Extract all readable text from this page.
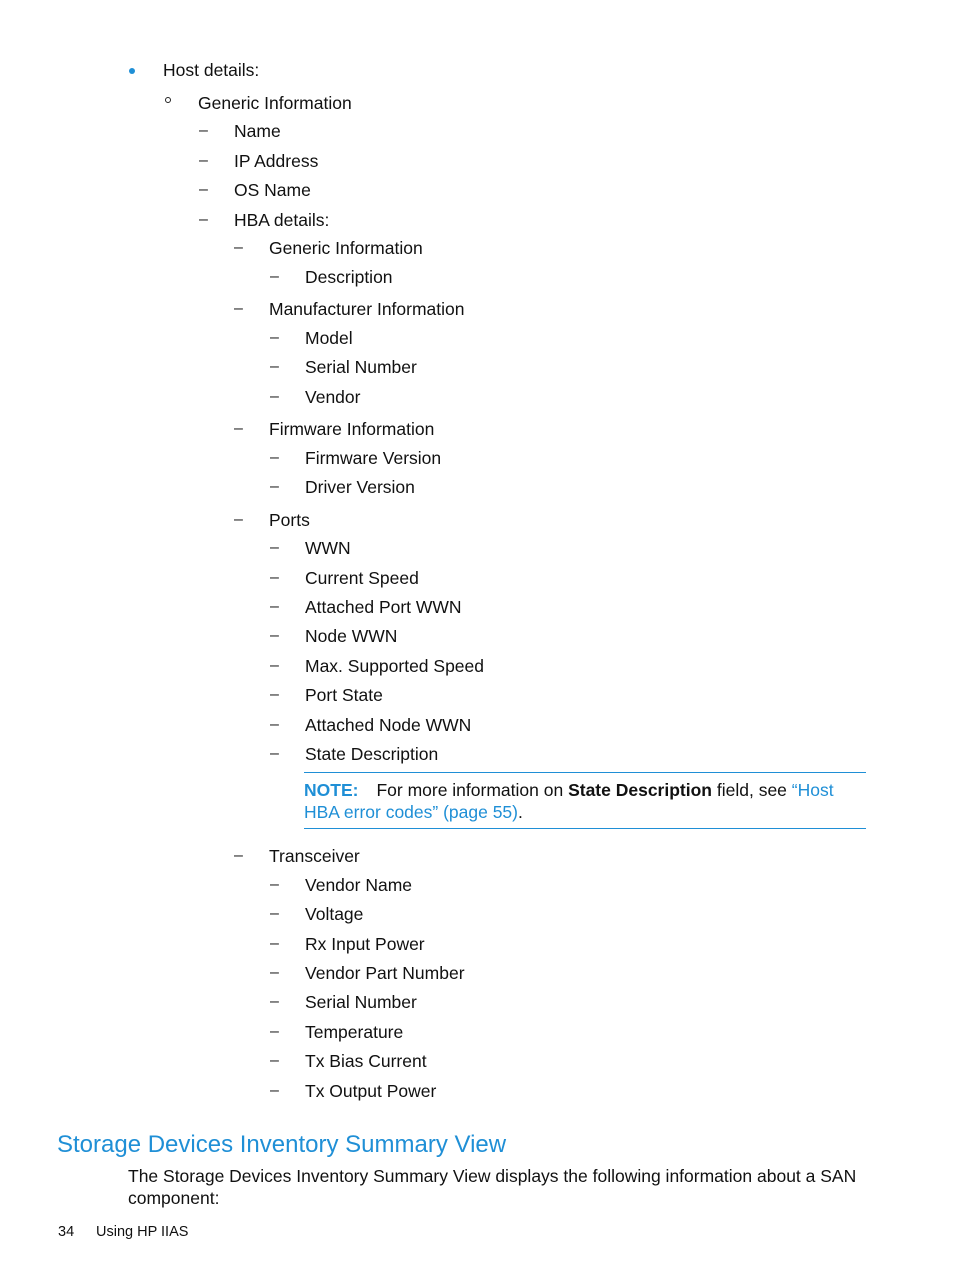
Host details:
Generic Information
– Name
– IP Address
– OS Name
– HBA details:
– Generic Information
– Description
– Manufacturer Information
– Model
– Serial Number
– Vendor
– Firmware Information
– Firmware Version
– Driver Version
– Ports
– WWN
– Current Speed
– Attached Port WWN
– Node WWN
– Max. Supported Speed
– Port State
– Attached Node WWN
– State Description
NOTE: For more information on State Description field, see “Host HBA error codes” (page 55).
– Transceiver
– Vendor Name
– Voltage
– Rx Input Power
– Vendor Part Number
– Serial Number
– Temperature
– Tx Bias Current
– Tx Output Power
Storage Devices Inventory Summary View
The Storage Devices Inventory Summary View displays the following information about a SAN component:
34 Using HP IIAS
